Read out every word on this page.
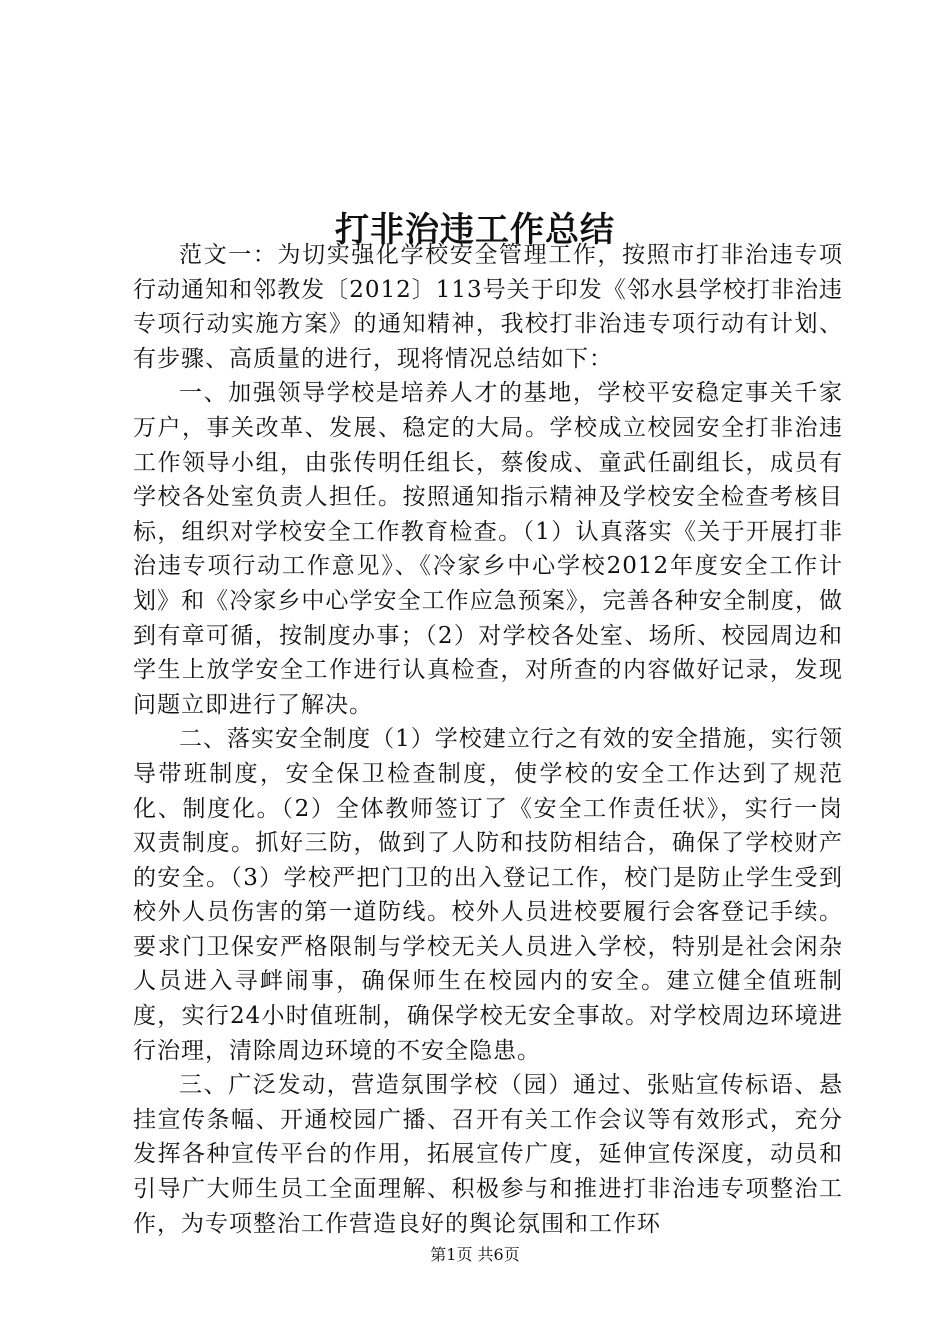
打非治违工作总结

范文一：为切实强化学校安全管理工作，按照市打非治违专项行动通知和邻教发〔2012〕113号关于印发《邻水县学校打非治违专项行动实施方案》的通知精神，我校打非治违专项行动有计划、有步骤、高质量的进行，现将情况总结如下：

一、加强领导学校是培养人才的基地，学校平安稳定事关千家万户，事关改革、发展、稳定的大局。学校成立校园安全打非治违工作领导小组，由张传明任组长，蔡俊成、童武任副组长，成员有学校各处室负责人担任。按照通知指示精神及学校安全检查考核目标，组织对学校安全工作教育检查。（1）认真落实《关于开展打非治违专项行动工作意见》、《冷家乡中心学校2012年度安全工作计划》和《冷家乡中心学安全工作应急预案》，完善各种安全制度，做到有章可循，按制度办事；（2）对学校各处室、场所、校园周边和学生上放学安全工作进行认真检查，对所查的内容做好记录，发现问题立即进行了解决。

二、落实安全制度（1）学校建立行之有效的安全措施，实行领导带班制度，安全保卫检查制度，使学校的安全工作达到了规范化、制度化。（2）全体教师签订了《安全工作责任状》，实行一岗双责制度。抓好三防，做到了人防和技防相结合，确保了学校财产的安全。（3）学校严把门卫的出入登记工作，校门是防止学生受到校外人员伤害的第一道防线。校外人员进校要履行会客登记手续。要求门卫保安严格限制与学校无关人员进入学校，特别是社会闲杂人员进入寻衅闹事，确保师生在校园内的安全。建立健全值班制度，实行24小时值班制，确保学校无安全事故。对学校周边环境进行治理，清除周边环境的不安全隐患。

三、广泛发动，营造氛围学校（园）通过、张贴宣传标语、悬挂宣传条幅、开通校园广播、召开有关工作会议等有效形式，充分发挥各种宣传平台的作用，拓展宣传广度，延伸宣传深度，动员和引导广大师生员工全面理解、积极参与和推进打非治违专项整治工作，为专项整治工作营造良好的舆论氛围和工作环

第1页 共6页
